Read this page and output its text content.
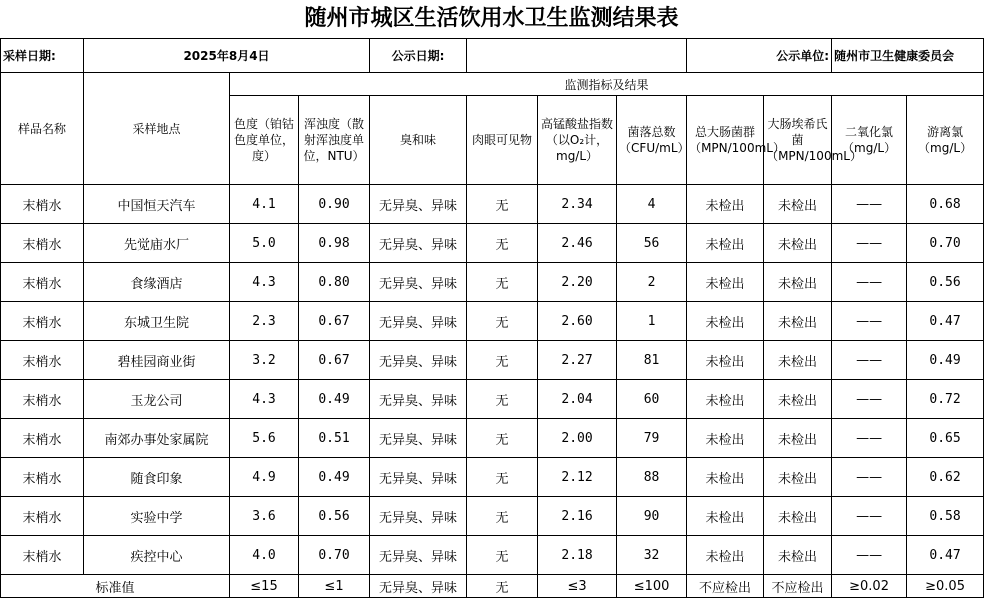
随州市城区生活饮用水卫生监测结果表
采样日期:	2025年8月4日			公示日期:				公示单位:		随州市卫生健康委员会	
样品名称	采样地点	监测指标及结果									
		色度（铂钴色度单位，度）	浑浊度（散射浑浊度单位，NTU）	臭和味	肉眼可见物	高锰酸盐指数（以O₂计，mg/L）	菌落总数（CFU/mL）	总大肠菌群（MPN/100mL）	大肠埃希氏菌（MPN/100mL）	二氧化氯（mg/L）	游离氯（mg/L）
末梢水	中国恒天汽车	4.1	0.90	无异臭、异味	无	2.34	4	未检出	未检出	——	0.68
末梢水	先觉庙水厂	5.0	0.98	无异臭、异味	无	2.46	56	未检出	未检出	——	0.70
末梢水	食缘酒店	4.3	0.80	无异臭、异味	无	2.20	2	未检出	未检出	——	0.56
末梢水	东城卫生院	2.3	0.67	无异臭、异味	无	2.60	1	未检出	未检出	——	0.47
末梢水	碧桂园商业街	3.2	0.67	无异臭、异味	无	2.27	81	未检出	未检出	——	0.49
末梢水	玉龙公司	4.3	0.49	无异臭、异味	无	2.04	60	未检出	未检出	——	0.72
末梢水	南郊办事处家属院	5.6	0.51	无异臭、异味	无	2.00	79	未检出	未检出	——	0.65
末梢水	随食印象	4.9	0.49	无异臭、异味	无	2.12	88	未检出	未检出	——	0.62
末梢水	实验中学	3.6	0.56	无异臭、异味	无	2.16	90	未检出	未检出	——	0.58
末梢水	疾控中心	4.0	0.70	无异臭、异味	无	2.18	32	未检出	未检出	——	0.47
标准值		≤15	≤1	无异臭、异味	无	≤3	≤100	不应检出	不应检出	≥0.02	≥0.05
